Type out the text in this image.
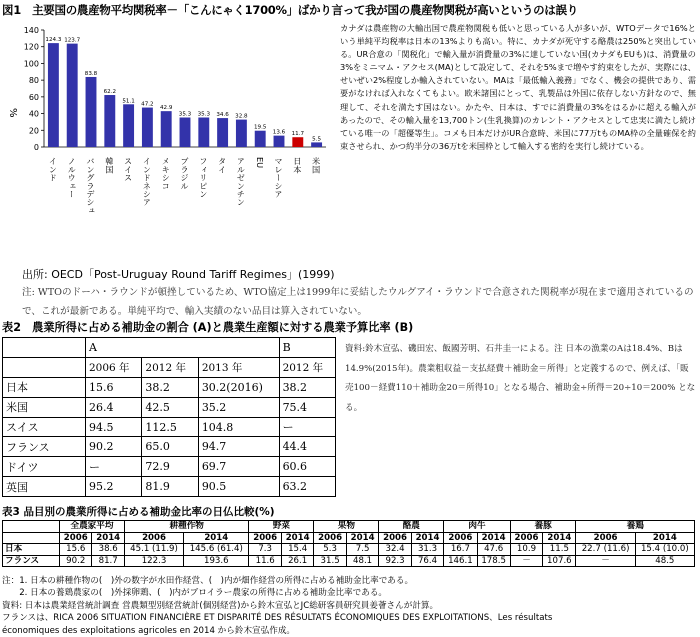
図1　主要国の農産物平均関税率－「こんにゃく1700%」ばかり言って我が国の農産物関税が高いというのは誤り
0
20
40
60
80
100
120
140
124.3
インド
123.7
ノルウェー
83.8
バングラデシュ
62.2
韓国
51.1
スイス
47.2
インドネシア
42.9
メキシコ
35.3
ブラジル
35.3
フィリピン
34.6
タイ
32.8
アルゼンチン
19.5
EU
13.6
マレーシア
11.7
日本
5.5
米国
%
カナダは農産物の大輸出国で農産物関税も低いと思っている人が多いが、WTOデータで16%という単純平均税率は日本の13%よりも高い。特に、カナダが死守する酪農は250%と突出している。UR合意の「関税化」で輸入量が消費量の3%に達していない国(カナダもEUも)は、消費量の3%をミニマム・アクセス(MA)として設定して、それを5%まで増やす約束をしたが、実際には、せいぜい2%程度しか輸入されていない。MAは「最低輸入義務」でなく、機会の提供であり、需要がなければ入れなくてもよい。欧米諸国にとって、乳製品は外国に依存しない方針なので、無理して、それを満たす国はない。かたや、日本は、すでに消費量の3%をはるかに超える輸入があったので、その輸入量を13,700トン(生乳換算)のカレント・アクセスとして忠実に満たし続けている唯一の「超優等生」。コメも日本だけがUR合意時、米国に77万tものMA枠の全量確保を約束させられ、かつ約半分の36万tを米国枠として輸入する密約を実行し続けている。
出所: OECD「Post-Uruguay Round Tariff Regimes」(1999)
注: WTOのドーハ・ラウンドが頓挫しているため、WTO協定上は1999年に妥結したウルグアイ・ラウンドで合意された関税率が現在まで適用されているので、これが最新である。単純平均で、輸入実績のない品目は算入されていない。
表2　農業所得に占める補助金の割合 (A)と農業生産額に対する農業予算比率 (B)
	A			B
	2006 年	2012 年	2013 年	2012 年
日本	15.6	38.2	30.2(2016)	38.2
米国	26.4	42.5	35.2	75.4
スイス	94.5	112.5	104.8	ー
フランス	90.2	65.0	94.7	44.4
ドイツ	ー	72.9	69.7	60.6
英国	95.2	81.9	90.5	63.2
資料:鈴木宣弘、磯田宏、飯國芳明、石井圭一による。注 日本の漁業のAは18.4%、Bは14.9%(2015年)。農業粗収益－支払経費＋補助金＝所得」と定義するので、例えば、「販売100－経費110＋補助金20＝所得10」となる場合、補助金÷所得＝20÷10＝200% となる。
表3 品目別の農業所得に占める補助金比率の日仏比較(%)
	全農家平均		耕種作物		野菜		果物		酪農		肉牛		養豚		養鶏	
	2006	2014	2006	2014	2006	2014	2006	2014	2006	2014	2006	2014	2006	2014	2006	2014
日本	15.6	38.6	45.1 (11.9)	145.6 (61.4)	7.3	15.4	5.3	7.5	32.4	31.3	16.7	47.6	10.9	11.5	22.7 (11.6)	15.4 (10.0)
フランス	90.2	81.7	122.3	193.6	11.6	26.1	31.5	48.1	92.3	76.4	146.1	178.5	－	107.6	－	48.5
注：1. 日本の耕種作物の(　)外の数字が水田作経営、(　)内が畑作経営の所得に占める補助金比率である。
　　2. 日本の養鶏農家の(　)外採卵鶏、(　)内がブロイラー農家の所得に占める補助金比率である。
資料: 日本は農業経営統計調査 営農類型別経営統計(個別経営)から鈴木宣弘とJC総研客員研究員姜薈さんが計算。
フランスは、RICA 2006 SITUATION FINANCIÈRE ET DISPARITÉ DES RÉSULTATS ÉCONOMIQUES DES EXPLOITATIONS、Les résultats
économiques des exploitations agricoles en 2014 から鈴木宣弘作成。
